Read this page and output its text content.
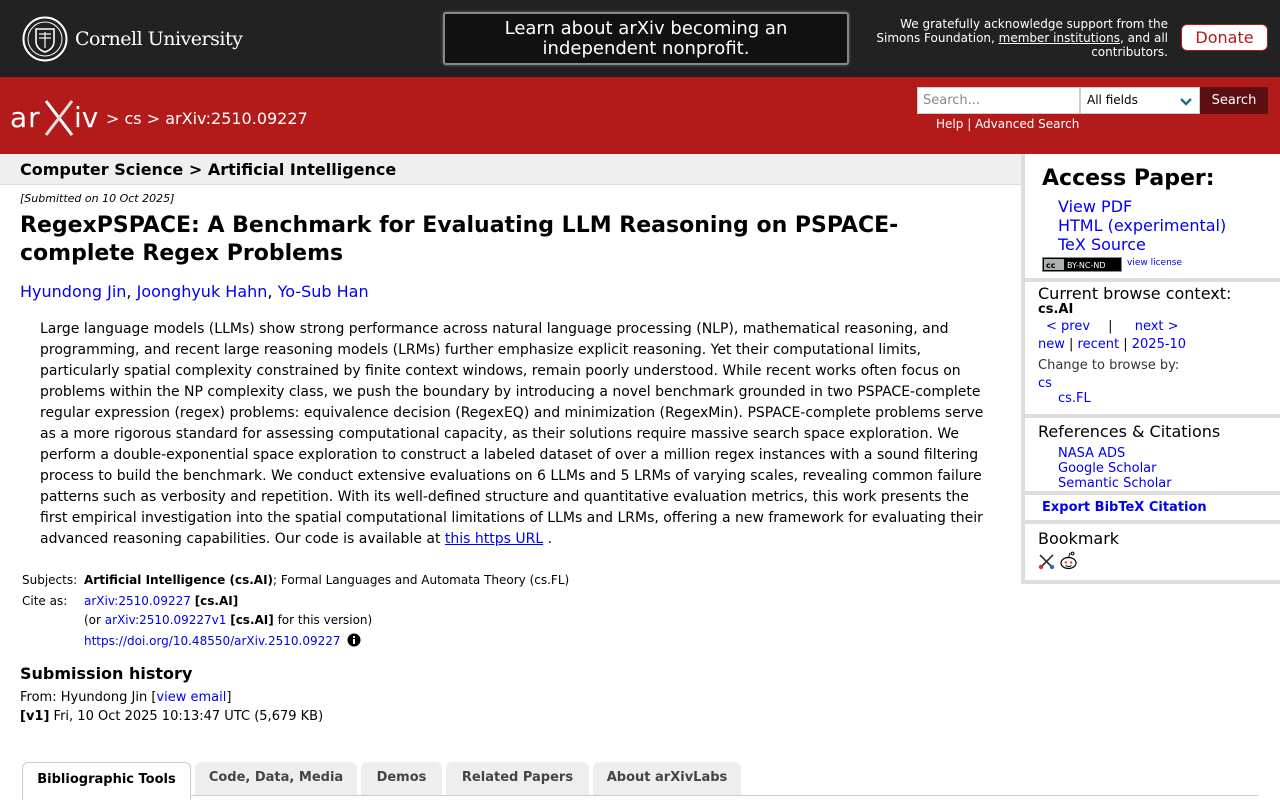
Cornell University	Learn about arXiv becoming an independent nonprofit.
We gratefully acknowledge support from the Simons Foundation, member institutions, and all contributors.
Donate
ar iv > cs > arXiv:2510.09227
Search...
All fields	Search
Help | Advanced Search
Computer Science > Artificial Intelligence
[Submitted on 10 Oct 2025]
RegexPSPACE: A Benchmark for Evaluating LLM Reasoning on PSPACE-complete Regex Problems
Hyundong Jin, Joonghyuk Hahn, Yo-Sub Han
Large language models (LLMs) show strong performance across natural language processing (NLP), mathematical reasoning, and programming, and recent large reasoning models (LRMs) further emphasize explicit reasoning. Yet their computational limits, particularly spatial complexity constrained by finite context windows, remain poorly understood. While recent works often focus on problems within the NP complexity class, we push the boundary by introducing a novel benchmark grounded in two PSPACE-complete regular expression (regex) problems: equivalence decision (RegexEQ) and minimization (RegexMin). PSPACE-complete problems serve as a more rigorous standard for assessing computational capacity, as their solutions require massive search space exploration. We perform a double-exponential space exploration to construct a labeled dataset of over a million regex instances with a sound filtering process to build the benchmark. We conduct extensive evaluations on 6 LLMs and 5 LRMs of varying scales, revealing common failure patterns such as verbosity and repetition. With its well-defined structure and quantitative evaluation metrics, this work presents the first empirical investigation into the spatial computational limitations of LLMs and LRMs, offering a new framework for evaluating their advanced reasoning capabilities. Our code is available at this https URL .
Subjects: Artificial Intelligence (cs.AI); Formal Languages and Automata Theory (cs.FL)
Cite as:	arXiv:2510.09227 [cs.AI]
(or arXiv:2510.09227v1 [cs.AI] for this version)
https://doi.org/10.48550/arXiv.2510.09227
Submission history
From: Hyundong Jin [view email]
[v1] Fri, 10 Oct 2025 10:13:47 UTC (5,679 KB)
Bibliographic Tools	Code, Data, Media	Demos	Related Papers	About arXivLabs
Access Paper:
View PDF
HTML (experimental)
TeX Source
cc BY-NC-ND view license
Current browse context:
cs.AI
< prev | next >
new | recent | 2025-10
Change to browse by:
cs
cs.FL
References & Citations
NASA ADS
Google Scholar
Semantic Scholar
Export BibTeX Citation
Bookmark
